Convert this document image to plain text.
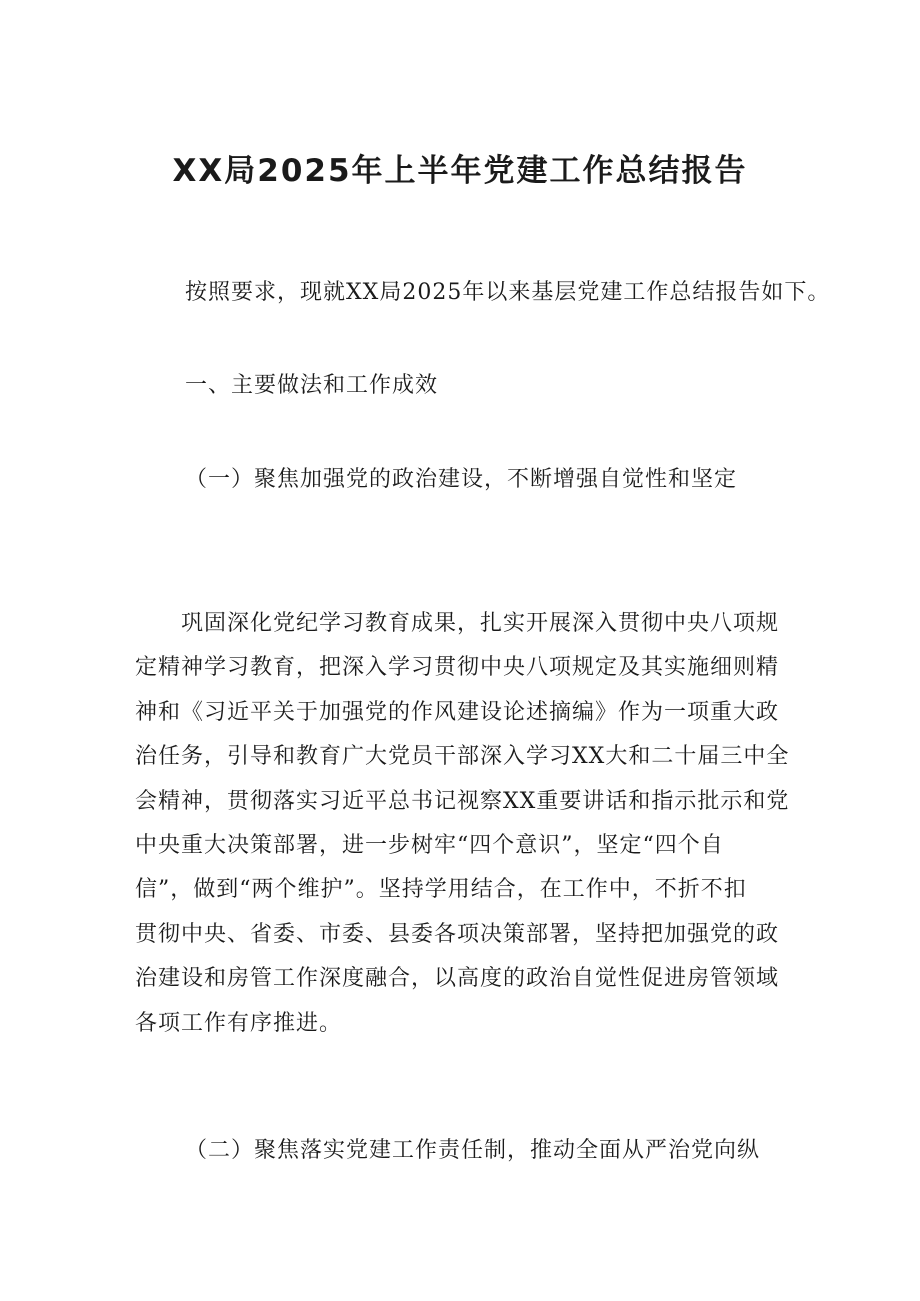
XX局2025年上半年党建工作总结报告
按照要求，现就XX局2025年以来基层党建工作总结报告如下。
一、主要做法和工作成效
（一）聚焦加强党的政治建设，不断增强自觉性和坚定
　　巩固深化党纪学习教育成果，扎实开展深入贯彻中央八项规
定精神学习教育，把深入学习贯彻中央八项规定及其实施细则精
神和《习近平关于加强党的作风建设论述摘编》作为一项重大政
治任务，引导和教育广大党员干部深入学习XX大和二十届三中全
会精神，贯彻落实习近平总书记视察XX重要讲话和指示批示和党
中央重大决策部署，进一步树牢“四个意识”，坚定“四个自
信”，做到“两个维护”。坚持学用结合，在工作中，不折不扣
贯彻中央、省委、市委、县委各项决策部署，坚持把加强党的政
治建设和房管工作深度融合，以高度的政治自觉性促进房管领域
各项工作有序推进。
（二）聚焦落实党建工作责任制，推动全面从严治党向纵
